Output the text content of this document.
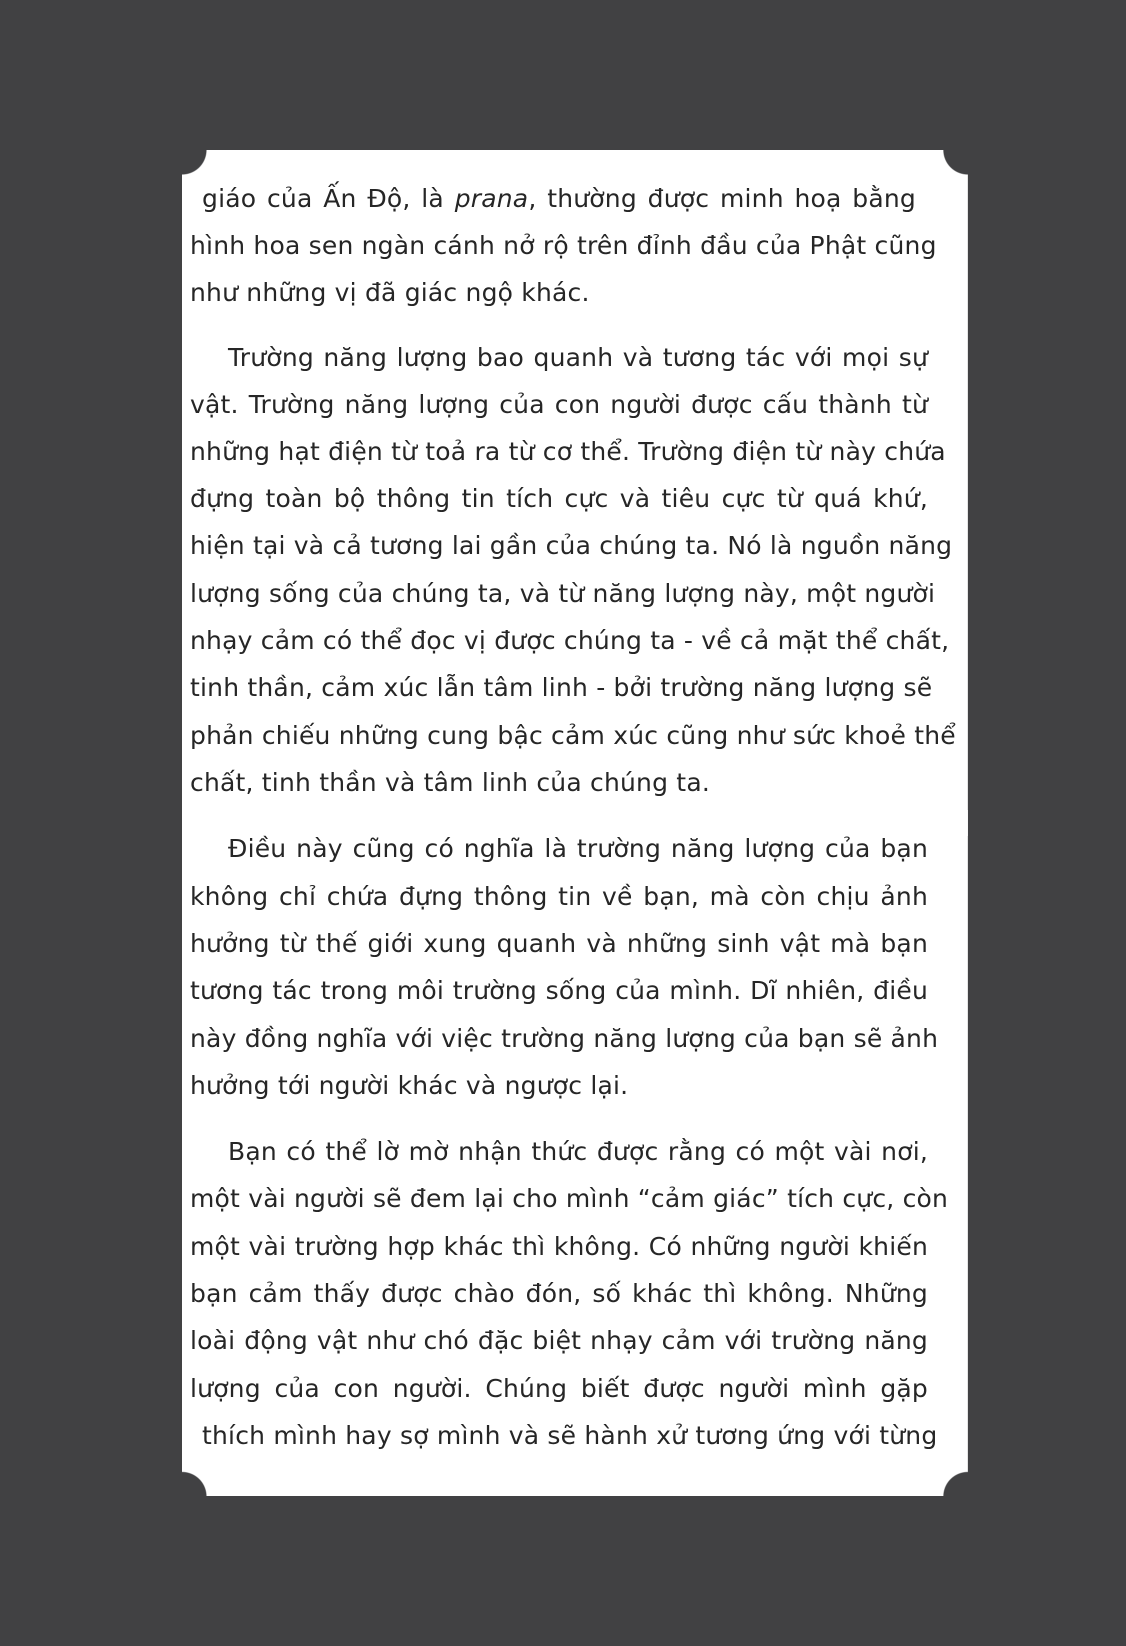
giáo của Ấn Độ, là prana, thường được minh hoạ bằng
hình hoa sen ngàn cánh nở rộ trên đỉnh đầu của Phật cũng
như những vị đã giác ngộ khác.
Trường năng lượng bao quanh và tương tác với mọi sự
vật. Trường năng lượng của con người được cấu thành từ
những hạt điện từ toả ra từ cơ thể. Trường điện từ này chứa
đựng toàn bộ thông tin tích cực và tiêu cực từ quá khứ,
hiện tại và cả tương lai gần của chúng ta. Nó là nguồn năng
lượng sống của chúng ta, và từ năng lượng này, một người
nhạy cảm có thể đọc vị được chúng ta - về cả mặt thể chất,
tinh thần, cảm xúc lẫn tâm linh - bởi trường năng lượng sẽ
phản chiếu những cung bậc cảm xúc cũng như sức khoẻ thể
chất, tinh thần và tâm linh của chúng ta.
Điều này cũng có nghĩa là trường năng lượng của bạn
không chỉ chứa đựng thông tin về bạn, mà còn chịu ảnh
hưởng từ thế giới xung quanh và những sinh vật mà bạn
tương tác trong môi trường sống của mình. Dĩ nhiên, điều
này đồng nghĩa với việc trường năng lượng của bạn sẽ ảnh
hưởng tới người khác và ngược lại.
Bạn có thể lờ mờ nhận thức được rằng có một vài nơi,
một vài người sẽ đem lại cho mình “cảm giác” tích cực, còn
một vài trường hợp khác thì không. Có những người khiến
bạn cảm thấy được chào đón, số khác thì không. Những
loài động vật như chó đặc biệt nhạy cảm với trường năng
lượng của con người. Chúng biết được người mình gặp
thích mình hay sợ mình và sẽ hành xử tương ứng với từng
